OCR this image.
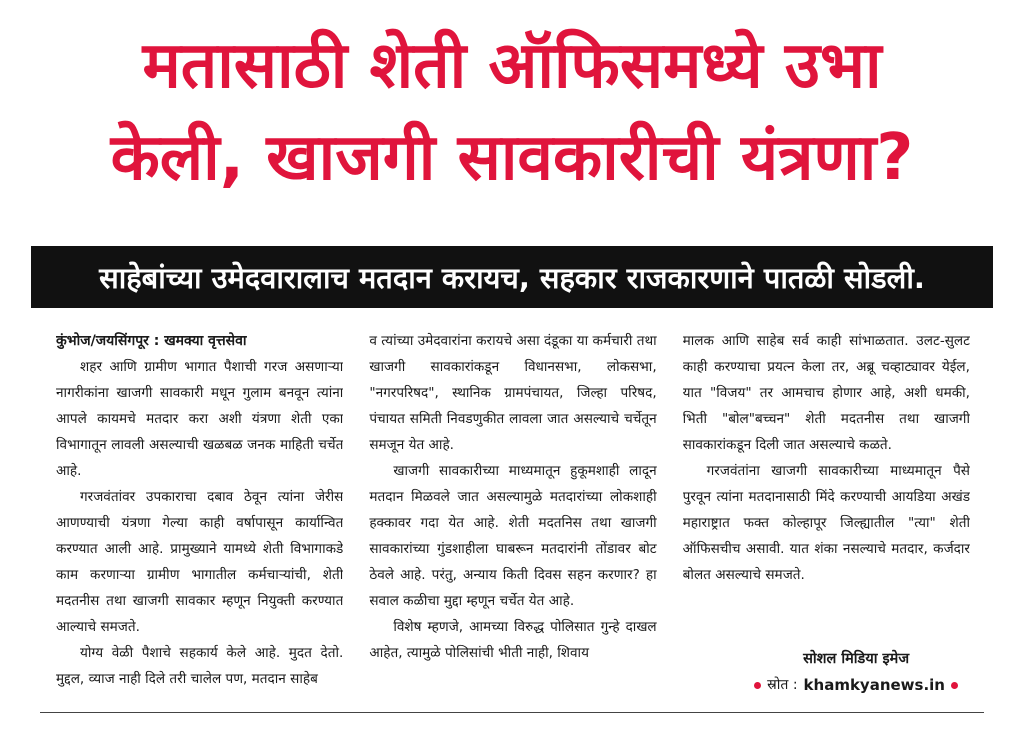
मतासाठी शेती ऑफिसमध्ये उभा
केली, खाजगी सावकारीची यंत्रणा?
साहेबांच्या उमेदवारालाच मतदान करायच, सहकार राजकारणाने पातळी सोडली.

कुंभोज/जयसिंगपूर : खमक्या वृत्तसेवा

शहर आणि ग्रामीण भागात पैशाची गरज असणाऱ्या नागरीकांना खाजगी सावकारी मधून गुलाम बनवून त्यांना आपले कायमचे मतदार करा अशी यंत्रणा शेती एका विभागातून लावली असल्याची खळबळ जनक माहिती चर्चेत आहे.

गरजवंतांवर उपकाराचा दबाव ठेवून त्यांना जेरीस आणण्याची यंत्रणा गेल्या काही वर्षापासून कार्यान्वित करण्यात आली आहे. प्रामुख्याने यामध्ये शेती विभागाकडे काम करणाऱ्या ग्रामीण भागातील कर्मचाऱ्यांची, शेती मदतनीस तथा खाजगी सावकार म्हणून नियुक्ती करण्यात आल्याचे समजते.

योग्य वेळी पैशाचे सहकार्य केले आहे. मुदत देतो. मुद्दल, व्याज नाही दिले तरी चालेल पण, मतदान साहेब

व त्यांच्या उमेदवारांना करायचे असा दंडूका या कर्मचारी तथा खाजगी सावकारांकडून विधानसभा, लोकसभा, "नगरपरिषद", स्थानिक ग्रामपंचायत, जिल्हा परिषद, पंचायत समिती निवडणुकीत लावला जात असल्याचे चर्चेतून समजून येत आहे.

खाजगी सावकारीच्या माध्यमातून हुकूमशाही लादून मतदान मिळवले जात असल्यामुळे मतदारांच्या लोकशाही हक्कावर गदा येत आहे. शेती मदतनिस तथा खाजगी सावकारांच्या गुंडशाहीला घाबरून मतदारांनी तोंडावर बोट ठेवले आहे. परंतु, अन्याय किती दिवस सहन करणार? हा सवाल कळीचा मुद्दा म्हणून चर्चेत येत आहे.

विशेष म्हणजे, आमच्या विरुद्ध पोलिसात गुन्हे दाखल आहेत, त्यामुळे पोलिसांची भीती नाही, शिवाय

मालक आणि साहेब सर्व काही सांभाळतात. उलट-सुलट काही करण्याचा प्रयत्न केला तर, अब्रू चव्हाट्यावर येईल, यात "विजय" तर आमचाच होणार आहे, अशी धमकी, भिती "बोल"बच्चन" शेती मदतनीस तथा खाजगी सावकारांकडून दिली जात असल्याचे कळते.

गरजवंतांना खाजगी सावकारीच्या माध्यमातून पैसे पुरवून त्यांना मतदानासाठी मिंदे करण्याची आयडिया अखंड महाराष्ट्रात फक्त कोल्हापूर जिल्ह्यातील "त्या" शेती ऑफिसचीच असावी. यात शंका नसल्याचे मतदार, कर्जदार बोलत असल्याचे समजते.

सोशल मिडिया इमेज
स्रोत : khamkyanews.in
